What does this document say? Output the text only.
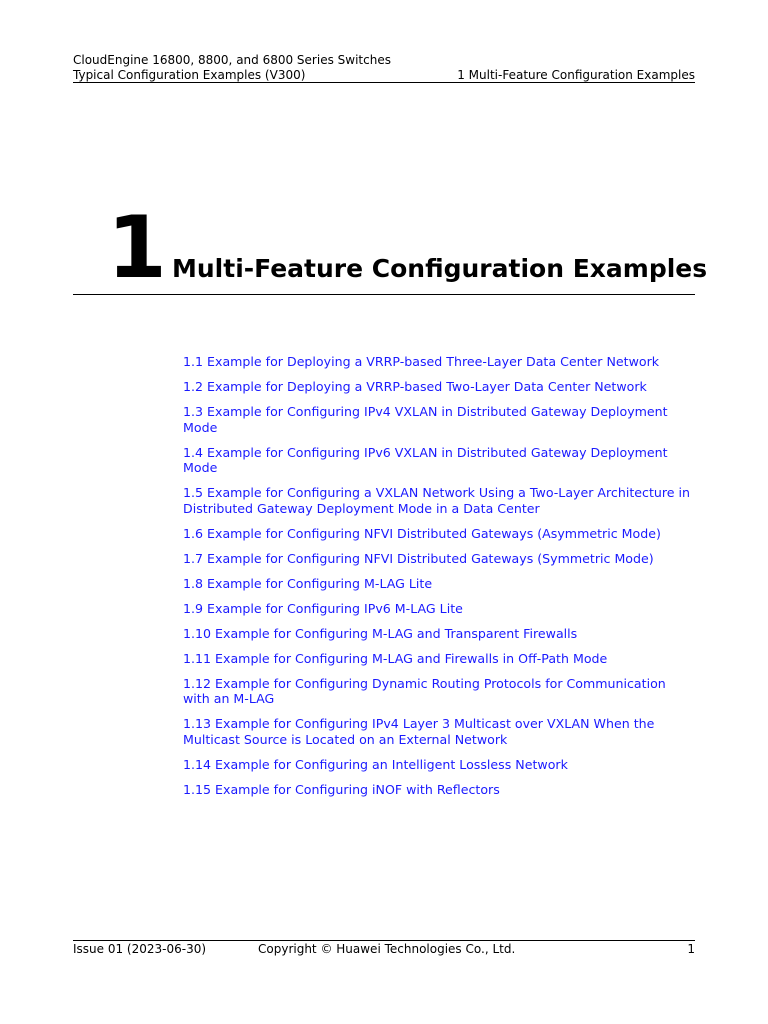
CloudEngine 16800, 8800, and 6800 Series Switches
Typical Configuration Examples (V300)	1 Multi-Feature Configuration Examples
1 Multi-Feature Configuration Examples
1.1 Example for Deploying a VRRP-based Three-Layer Data Center Network
1.2 Example for Deploying a VRRP-based Two-Layer Data Center Network
1.3 Example for Configuring IPv4 VXLAN in Distributed Gateway Deployment Mode
1.4 Example for Configuring IPv6 VXLAN in Distributed Gateway Deployment Mode
1.5 Example for Configuring a VXLAN Network Using a Two-Layer Architecture in Distributed Gateway Deployment Mode in a Data Center
1.6 Example for Configuring NFVI Distributed Gateways (Asymmetric Mode)
1.7 Example for Configuring NFVI Distributed Gateways (Symmetric Mode)
1.8 Example for Configuring M-LAG Lite
1.9 Example for Configuring IPv6 M-LAG Lite
1.10 Example for Configuring M-LAG and Transparent Firewalls
1.11 Example for Configuring M-LAG and Firewalls in Off-Path Mode
1.12 Example for Configuring Dynamic Routing Protocols for Communication with an M-LAG
1.13 Example for Configuring IPv4 Layer 3 Multicast over VXLAN When the Multicast Source is Located on an External Network
1.14 Example for Configuring an Intelligent Lossless Network
1.15 Example for Configuring iNOF with Reflectors
Issue 01 (2023-06-30)	Copyright © Huawei Technologies Co., Ltd.	1
